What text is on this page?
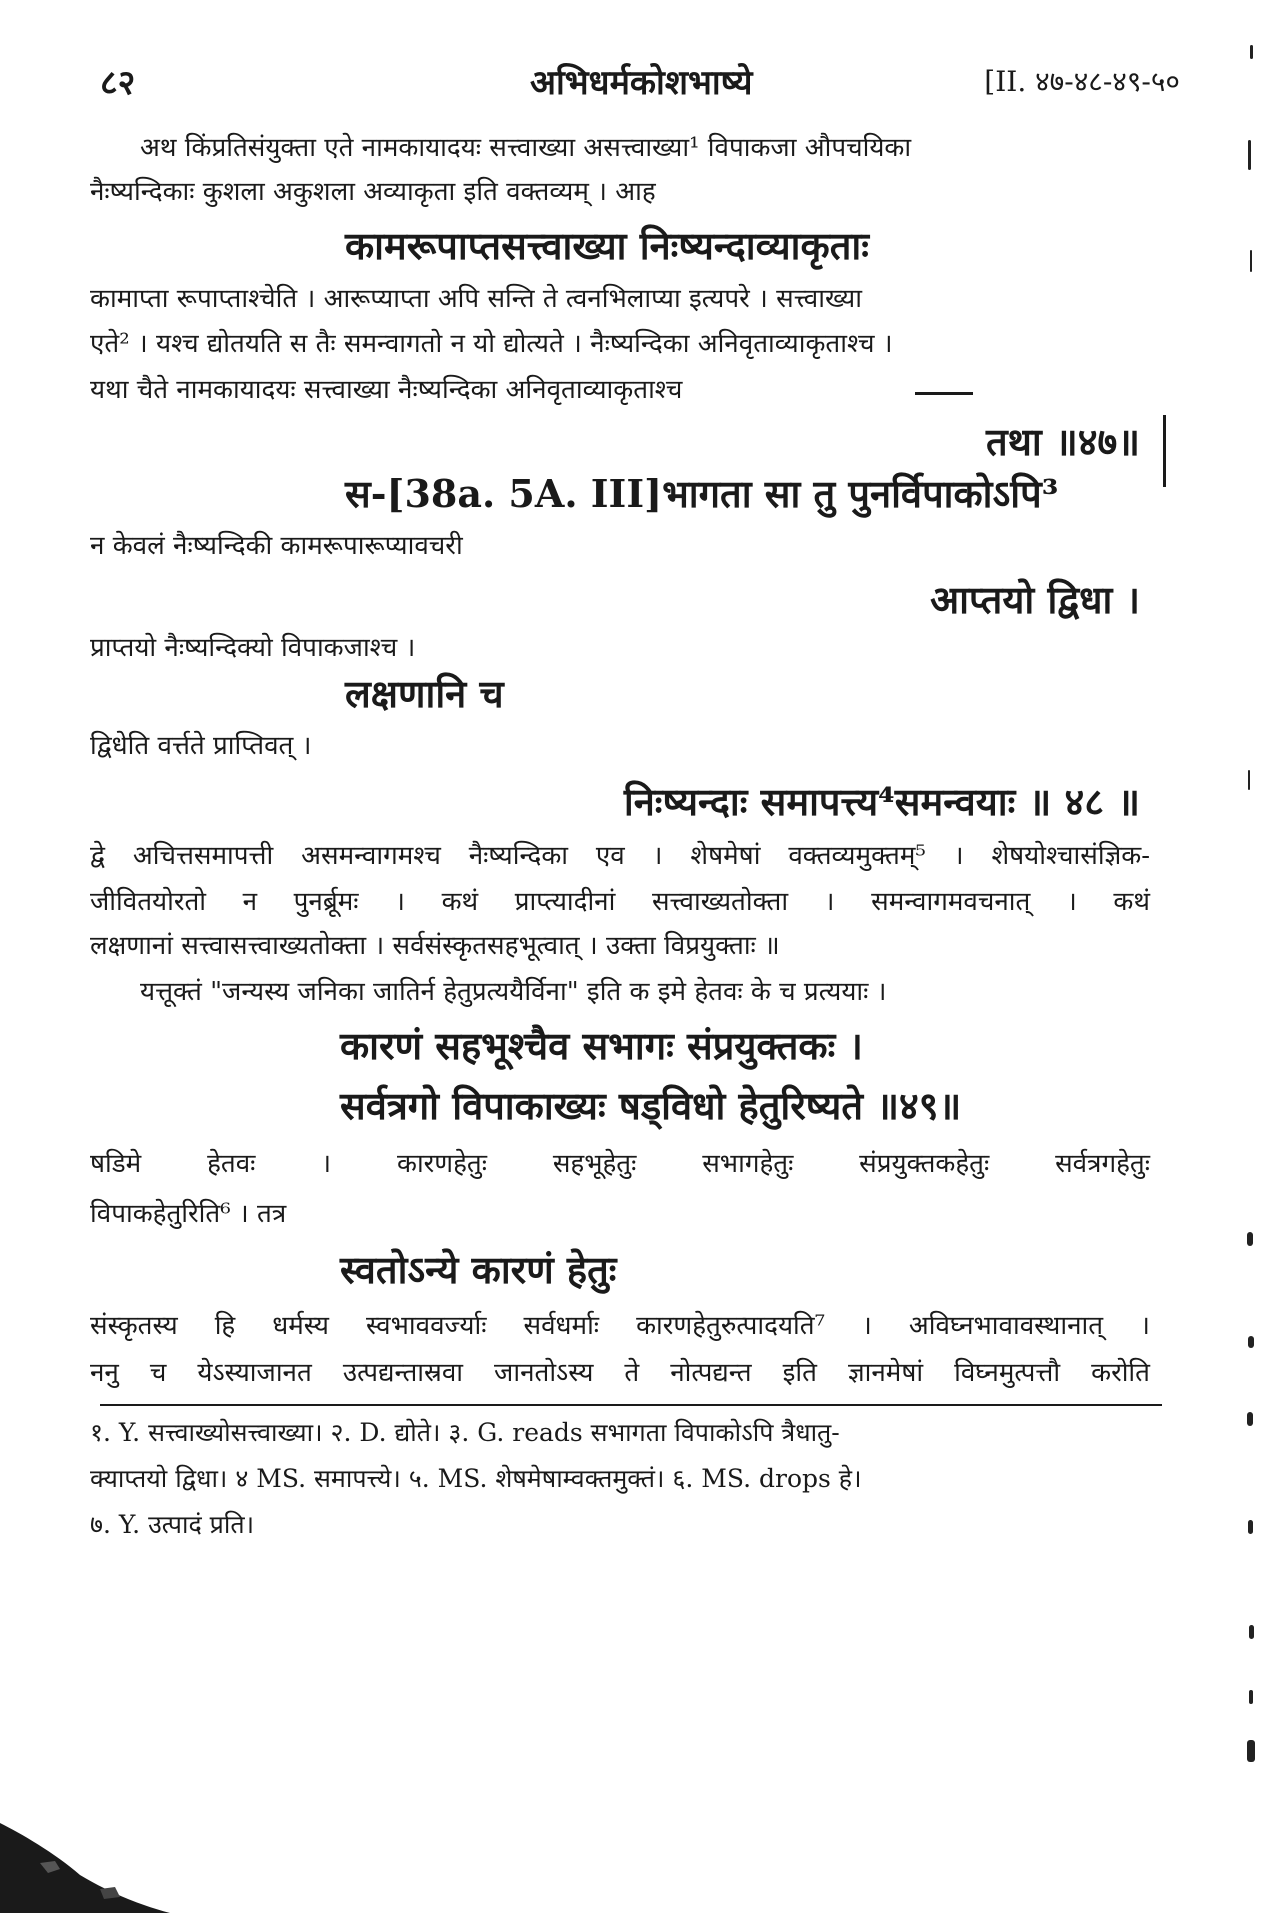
८२	अभिधर्मकोशभाष्ये	[II. ४७-४८-४९-५०
अथ किंप्रतिसंयुक्ता एते नामकायादयः सत्त्वाख्या असत्त्वाख्या¹ विपाकजा औपचयिका
नैःष्यन्दिकाः कुशला अकुशला अव्याकृता इति वक्तव्यम् । आह
कामरूपाप्तसत्त्वाख्या निःष्यन्दाव्याकृताः
कामाप्ता रूपाप्ताश्चेति । आरूप्याप्ता अपि सन्ति ते त्वनभिलाप्या इत्यपरे । सत्त्वाख्या
एते² । यश्च द्योतयति स तैः समन्वागतो न यो द्योत्यते । नैःष्यन्दिका अनिवृताव्याकृताश्च ।
यथा चैते नामकायादयः सत्त्वाख्या नैःष्यन्दिका अनिवृताव्याकृताश्च
तथा ॥४७॥
स-[38a. 5A. III]भागता सा तु पुनर्विपाकोऽपि³
न केवलं नैःष्यन्दिकी कामरूपारूप्यावचरी
आप्तयो द्विधा ।
प्राप्तयो नैःष्यन्दिक्यो विपाकजाश्च ।
लक्षणानि च
द्विधेति वर्त्तते प्राप्तिवत् ।
निःष्यन्दाः समापत्त्य⁴समन्वयाः ॥ ४८ ॥
द्वे अचित्तसमापत्ती असमन्वागमश्च नैःष्यन्दिका एव । शेषमेषां वक्तव्यमुक्तम्⁵ । शेषयोश्चासंज्ञिक-
जीवितयोरतो न पुनर्ब्रूमः । कथं प्राप्त्यादीनां सत्त्वाख्यतोक्ता । समन्वागमवचनात् । कथं
लक्षणानां सत्त्वासत्त्वाख्यतोक्ता । सर्वसंस्कृतसहभूत्वात् । उक्ता विप्रयुक्ताः ॥
यत्तूक्तं "जन्यस्य जनिका जातिर्न हेतुप्रत्ययैर्विना" इति क इमे हेतवः के च प्रत्ययाः ।
कारणं सहभूश्चैव सभागः संप्रयुक्तकः ।
सर्वत्रगो विपाकाख्यः षड्विधो हेतुरिष्यते ॥४९॥
षडिमे हेतवः । कारणहेतुः सहभूहेतुः सभागहेतुः संप्रयुक्तकहेतुः सर्वत्रगहेतुः
विपाकहेतुरिति⁶ । तत्र
स्वतोऽन्ये कारणं हेतुः
संस्कृतस्य हि धर्मस्य स्वभाववर्ज्याः सर्वधर्माः कारणहेतुरुत्पादयति⁷ । अविघ्नभावावस्थानात् ।
ननु च येऽस्याजानत उत्पद्यन्तास्रवा जानतोऽस्य ते नोत्पद्यन्त इति ज्ञानमेषां विघ्नमुत्पत्तौ करोति
१. Y. सत्त्वाख्योसत्त्वाख्या। २. D. द्योते। ३. G. reads सभागता विपाकोऽपि त्रैधातु-
क्याप्तयो द्विधा। ४ MS. समापत्त्ये। ५. MS. शेषमेषाम्वक्तमुक्तं। ६. MS. drops हे।
७. Y. उत्पादं प्रति।
